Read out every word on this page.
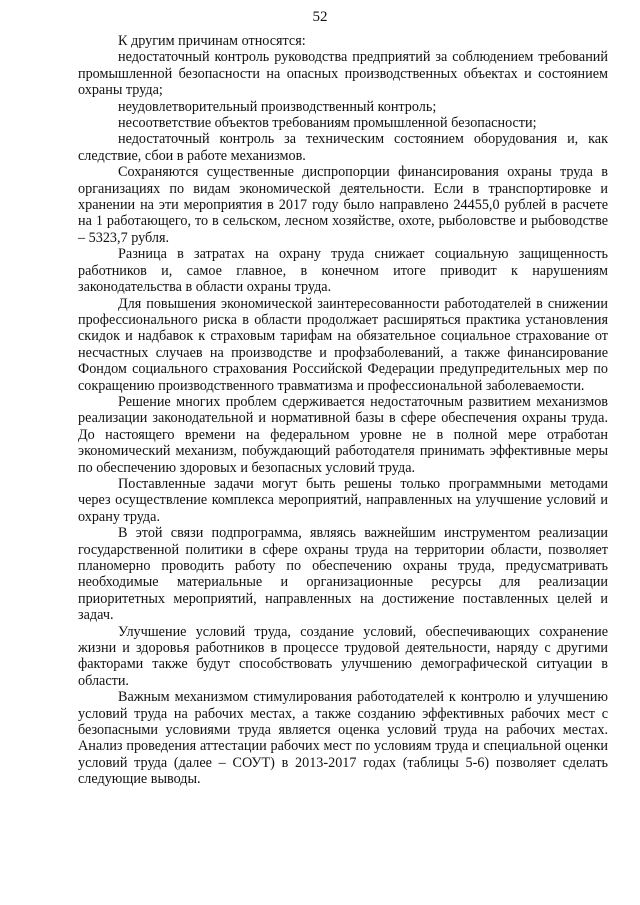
52

К другим причинам относятся:

недостаточный контроль руководства предприятий за соблюдением требований промышленной безопасности на опасных производственных объектах и состоянием охраны труда;

неудовлетворительный производственный контроль;

несоответствие объектов требованиям промышленной безопасности;

недостаточный контроль за техническим состоянием оборудования и, как следствие, сбои в работе механизмов.

Сохраняются существенные диспропорции финансирования охраны труда в организациях по видам экономической деятельности. Если в транспортировке и хранении на эти мероприятия в 2017 году было направлено 24455,0 рублей в расчете на 1 работающего, то в сельском, лесном хозяйстве, охоте, рыболовстве и рыбоводстве – 5323,7 рубля.

Разница в затратах на охрану труда снижает социальную защищенность работников и, самое главное, в конечном итоге приводит к нарушениям законодательства в области охраны труда.

Для повышения экономической заинтересованности работодателей в снижении профессионального риска в области продолжает расширяться практика установления скидок и надбавок к страховым тарифам на обязательное социальное страхование от несчастных случаев на производстве и профзаболеваний, а также финансирование Фондом социального страхования Российской Федерации предупредительных мер по сокращению производственного травматизма и профессиональной заболеваемости.

Решение многих проблем сдерживается недостаточным развитием механизмов реализации законодательной и нормативной базы в сфере обеспечения охраны труда. До настоящего времени на федеральном уровне не в полной мере отработан экономический механизм, побуждающий работодателя принимать эффективные меры по обеспечению здоровых и безопасных условий труда.

Поставленные задачи могут быть решены только программными методами через осуществление комплекса мероприятий, направленных на улучшение условий и охрану труда.

В этой связи подпрограмма, являясь важнейшим инструментом реализации государственной политики в сфере охраны труда на территории области, позволяет планомерно проводить работу по обеспечению охраны труда, предусматривать необходимые материальные и организационные ресурсы для реализации приоритетных мероприятий, направленных на достижение поставленных целей и задач.

Улучшение условий труда, создание условий, обеспечивающих сохранение жизни и здоровья работников в процессе трудовой деятельности, наряду с другими факторами также будут способствовать улучшению демографической ситуации в области.

Важным механизмом стимулирования работодателей к контролю и улучшению условий труда на рабочих местах, а также созданию эффективных рабочих мест с безопасными условиями труда является оценка условий труда на рабочих местах. Анализ проведения аттестации рабочих мест по условиям труда и специальной оценки условий труда (далее – СОУТ) в 2013-2017 годах (таблицы 5-6) позволяет сделать следующие выводы.
